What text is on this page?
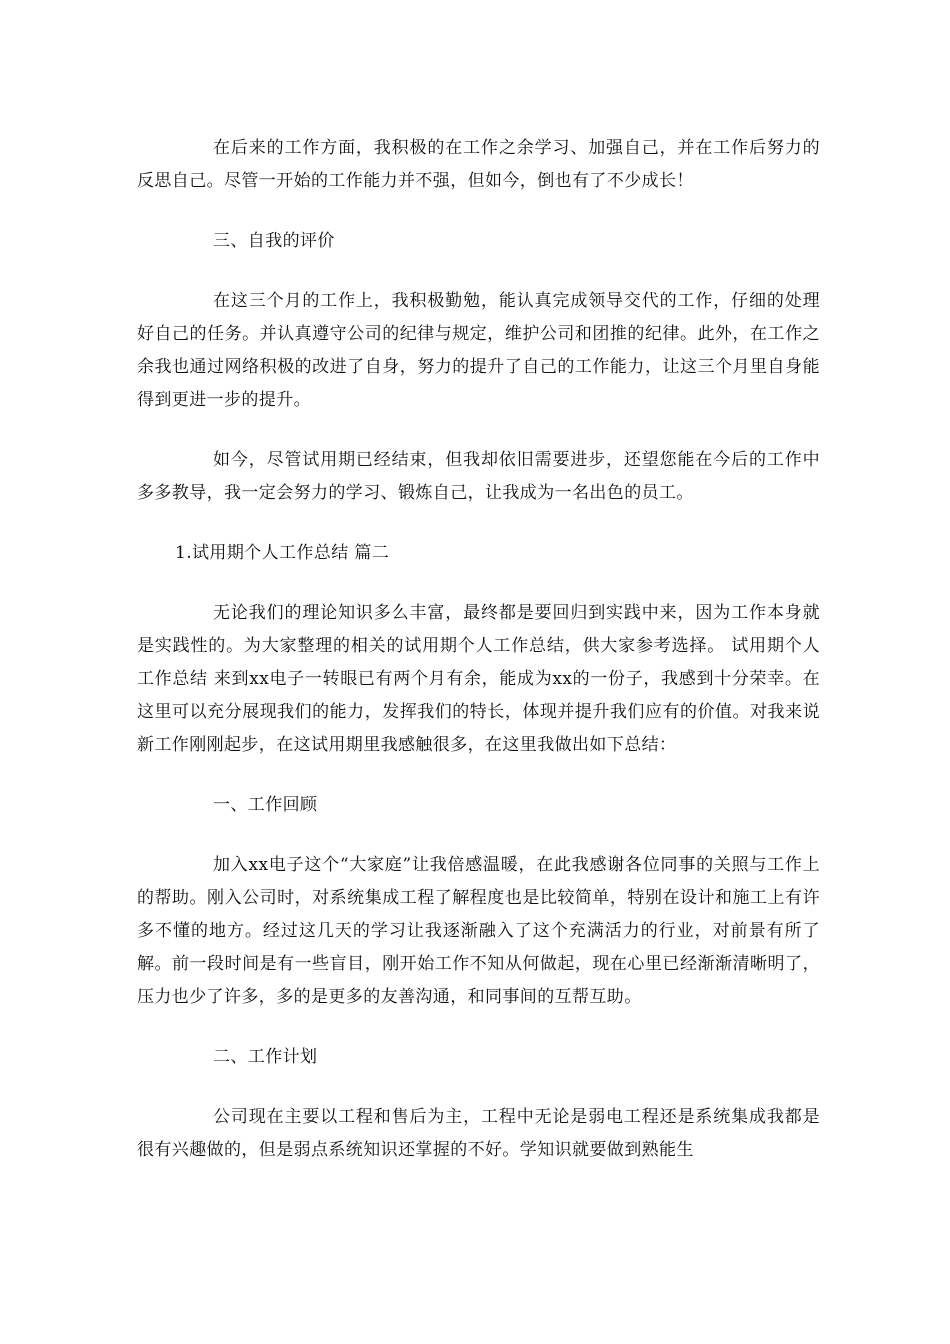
在后来的工作方面，我积极的在工作之余学习、加强自己，并在工作后努力的反思自己。尽管一开始的工作能力并不强，但如今，倒也有了不少成长！

三、自我的评价

在这三个月的工作上，我积极勤勉，能认真完成领导交代的工作，仔细的处理好自己的任务。并认真遵守公司的纪律与规定，维护公司和团推的纪律。此外，在工作之余我也通过网络积极的改进了自身，努力的提升了自己的工作能力，让这三个月里自身能得到更进一步的提升。

如今，尽管试用期已经结束，但我却依旧需要进步，还望您能在今后的工作中多多教导，我一定会努力的学习、锻炼自己，让我成为一名出色的员工。

1.试用期个人工作总结 篇二

无论我们的理论知识多么丰富，最终都是要回归到实践中来，因为工作本身就是实践性的。为大家整理的相关的试用期个人工作总结，供大家参考选择。 试用期个人工作总结 来到xx电子一转眼已有两个月有余，能成为xx的一份子，我感到十分荣幸。在这里可以充分展现我们的能力，发挥我们的特长，体现并提升我们应有的价值。对我来说新工作刚刚起步，在这试用期里我感触很多，在这里我做出如下总结：

一、工作回顾

加入xx电子这个“大家庭”让我倍感温暖，在此我感谢各位同事的关照与工作上的帮助。刚入公司时，对系统集成工程了解程度也是比较简单，特别在设计和施工上有许多不懂的地方。经过这几天的学习让我逐渐融入了这个充满活力的行业，对前景有所了解。前一段时间是有一些盲目，刚开始工作不知从何做起，现在心里已经渐渐清晰明了，压力也少了许多，多的是更多的友善沟通，和同事间的互帮互助。

二、工作计划

公司现在主要以工程和售后为主，工程中无论是弱电工程还是系统集成我都是很有兴趣做的，但是弱点系统知识还掌握的不好。学知识就要做到熟能生
